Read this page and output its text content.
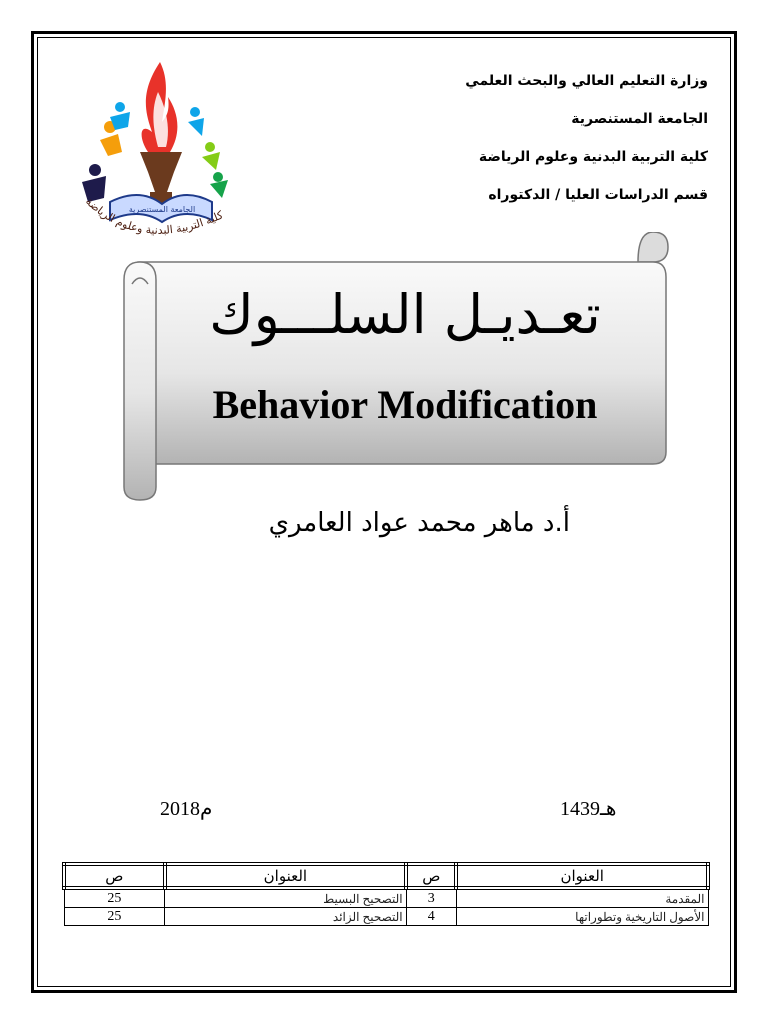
وزارة التعليم العالي والبحث العلمي
الجامعة المستنصرية
كلية التربية البدنية وعلوم الرياضة
قسم الدراسات العليا / الدكتوراه
الجامعة المستنصرية
كلية التربية البدنية وعلوم الرياضة
تعـديـل السلـــوك
Behavior Modification
أ.د ماهر محمد عواد العامري
1439هـ
2018م
العنوان	ص	العنوان	ص
المقدمة	3	التصحيح البسيط	25
الأصول التاريخية وتطوراتها	4	التصحيح الزائد	25
